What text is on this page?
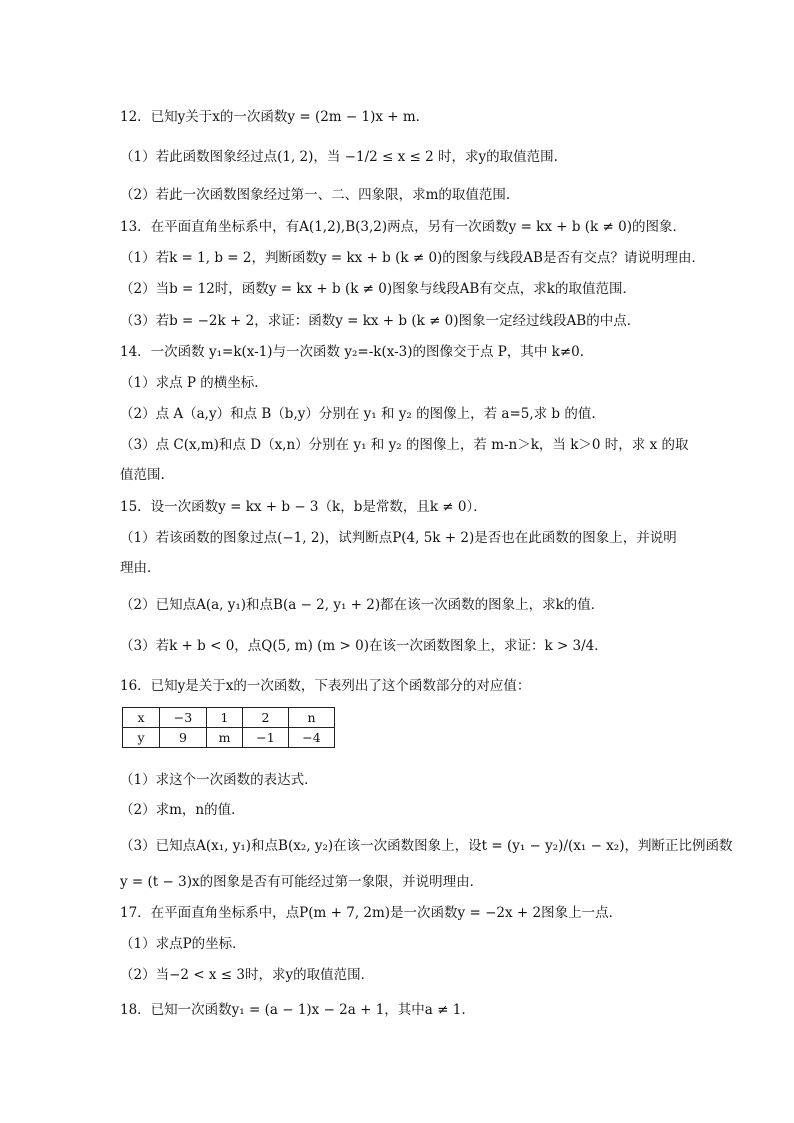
12．已知y关于x的一次函数y = (2m − 1)x + m．
（1）若此函数图象经过点(1, 2)，当 −1/2 ≤ x ≤ 2 时，求y的取值范围.
（2）若此一次函数图象经过第一、二、四象限，求m的取值范围.
13．在平面直角坐标系中，有A(1,2),B(3,2)两点，另有一次函数y = kx + b (k ≠ 0)的图象．
（1）若k = 1, b = 2，判断函数y = kx + b (k ≠ 0)的图象与线段AB是否有交点？请说明理由．
（2）当b = 12时，函数y = kx + b (k ≠ 0)图象与线段AB有交点，求k的取值范围．
（3）若b = −2k + 2，求证：函数y = kx + b (k ≠ 0)图象一定经过线段AB的中点．
14．一次函数 y₁=k(x-1)与一次函数 y₂=-k(x-3)的图像交于点 P，其中 k≠0.
（1）求点 P 的横坐标.
（2）点 A（a,y）和点 B（b,y）分别在 y₁ 和 y₂ 的图像上，若 a=5,求 b 的值.
（3）点 C(x,m)和点 D（x,n）分别在 y₁ 和 y₂ 的图像上，若 m-n＞k，当 k＞0 时，求 x 的取
值范围.
15．设一次函数y = kx + b − 3（k，b是常数，且k ≠ 0）．
（1）若该函数的图象过点(−1, 2)，试判断点P(4, 5k + 2)是否也在此函数的图象上，并说明
理由．
（2）已知点A(a, y₁)和点B(a − 2, y₁ + 2)都在该一次函数的图象上，求k的值．
（3）若k + b < 0，点Q(5, m) (m > 0)在该一次函数图象上，求证：k > 3/4．
16．已知y是关于x的一次函数，下表列出了这个函数部分的对应值：
x	−3	1	2	n
y	9	m	−1	−4
（1）求这个一次函数的表达式．
（2）求m，n的值．
（3）已知点A(x₁, y₁)和点B(x₂, y₂)在该一次函数图象上，设t = (y₁ − y₂)/(x₁ − x₂)，判断正比例函数
y = (t − 3)x的图象是否有可能经过第一象限，并说明理由．
17．在平面直角坐标系中，点P(m + 7, 2m)是一次函数y = −2x + 2图象上一点．
（1）求点P的坐标．
（2）当−2 < x ≤ 3时，求y的取值范围．
18．已知一次函数y₁ = (a − 1)x − 2a + 1，其中a ≠ 1.
